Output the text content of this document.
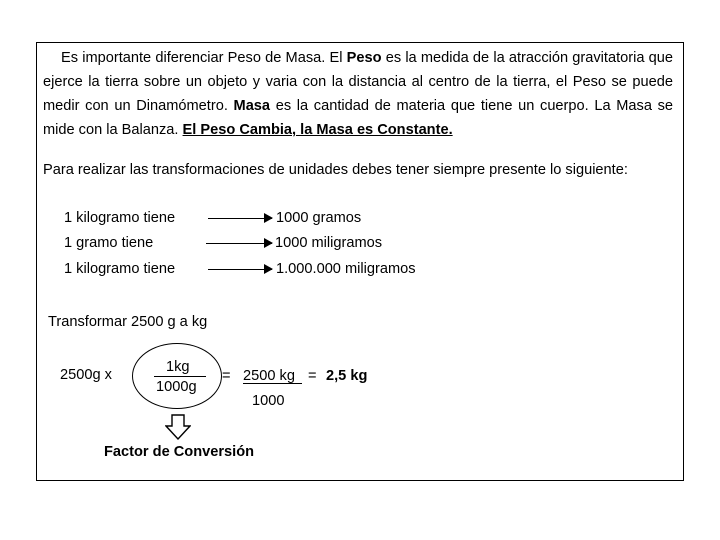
Es importante diferenciar Peso de Masa. El Peso es la medida de la atracción gravitatoria que ejerce la tierra sobre un objeto y varia con la distancia al centro de la tierra, el Peso se puede medir con un Dinamómetro. Masa es la cantidad de materia que tiene un cuerpo. La Masa se mide con la Balanza. El Peso Cambia, la Masa es Constante.
Para realizar las transformaciones de unidades debes tener siempre presente lo siguiente:
1 kilogramo tiene	1000 gramos
1 gramo tiene	1000 miligramos
1 kilogramo tiene	1.000.000 miligramos
Transformar 2500 g a kg
2500g x	1kg
1000g
= 2500 kg = 2,5 kg
1000
Factor de Conversión
